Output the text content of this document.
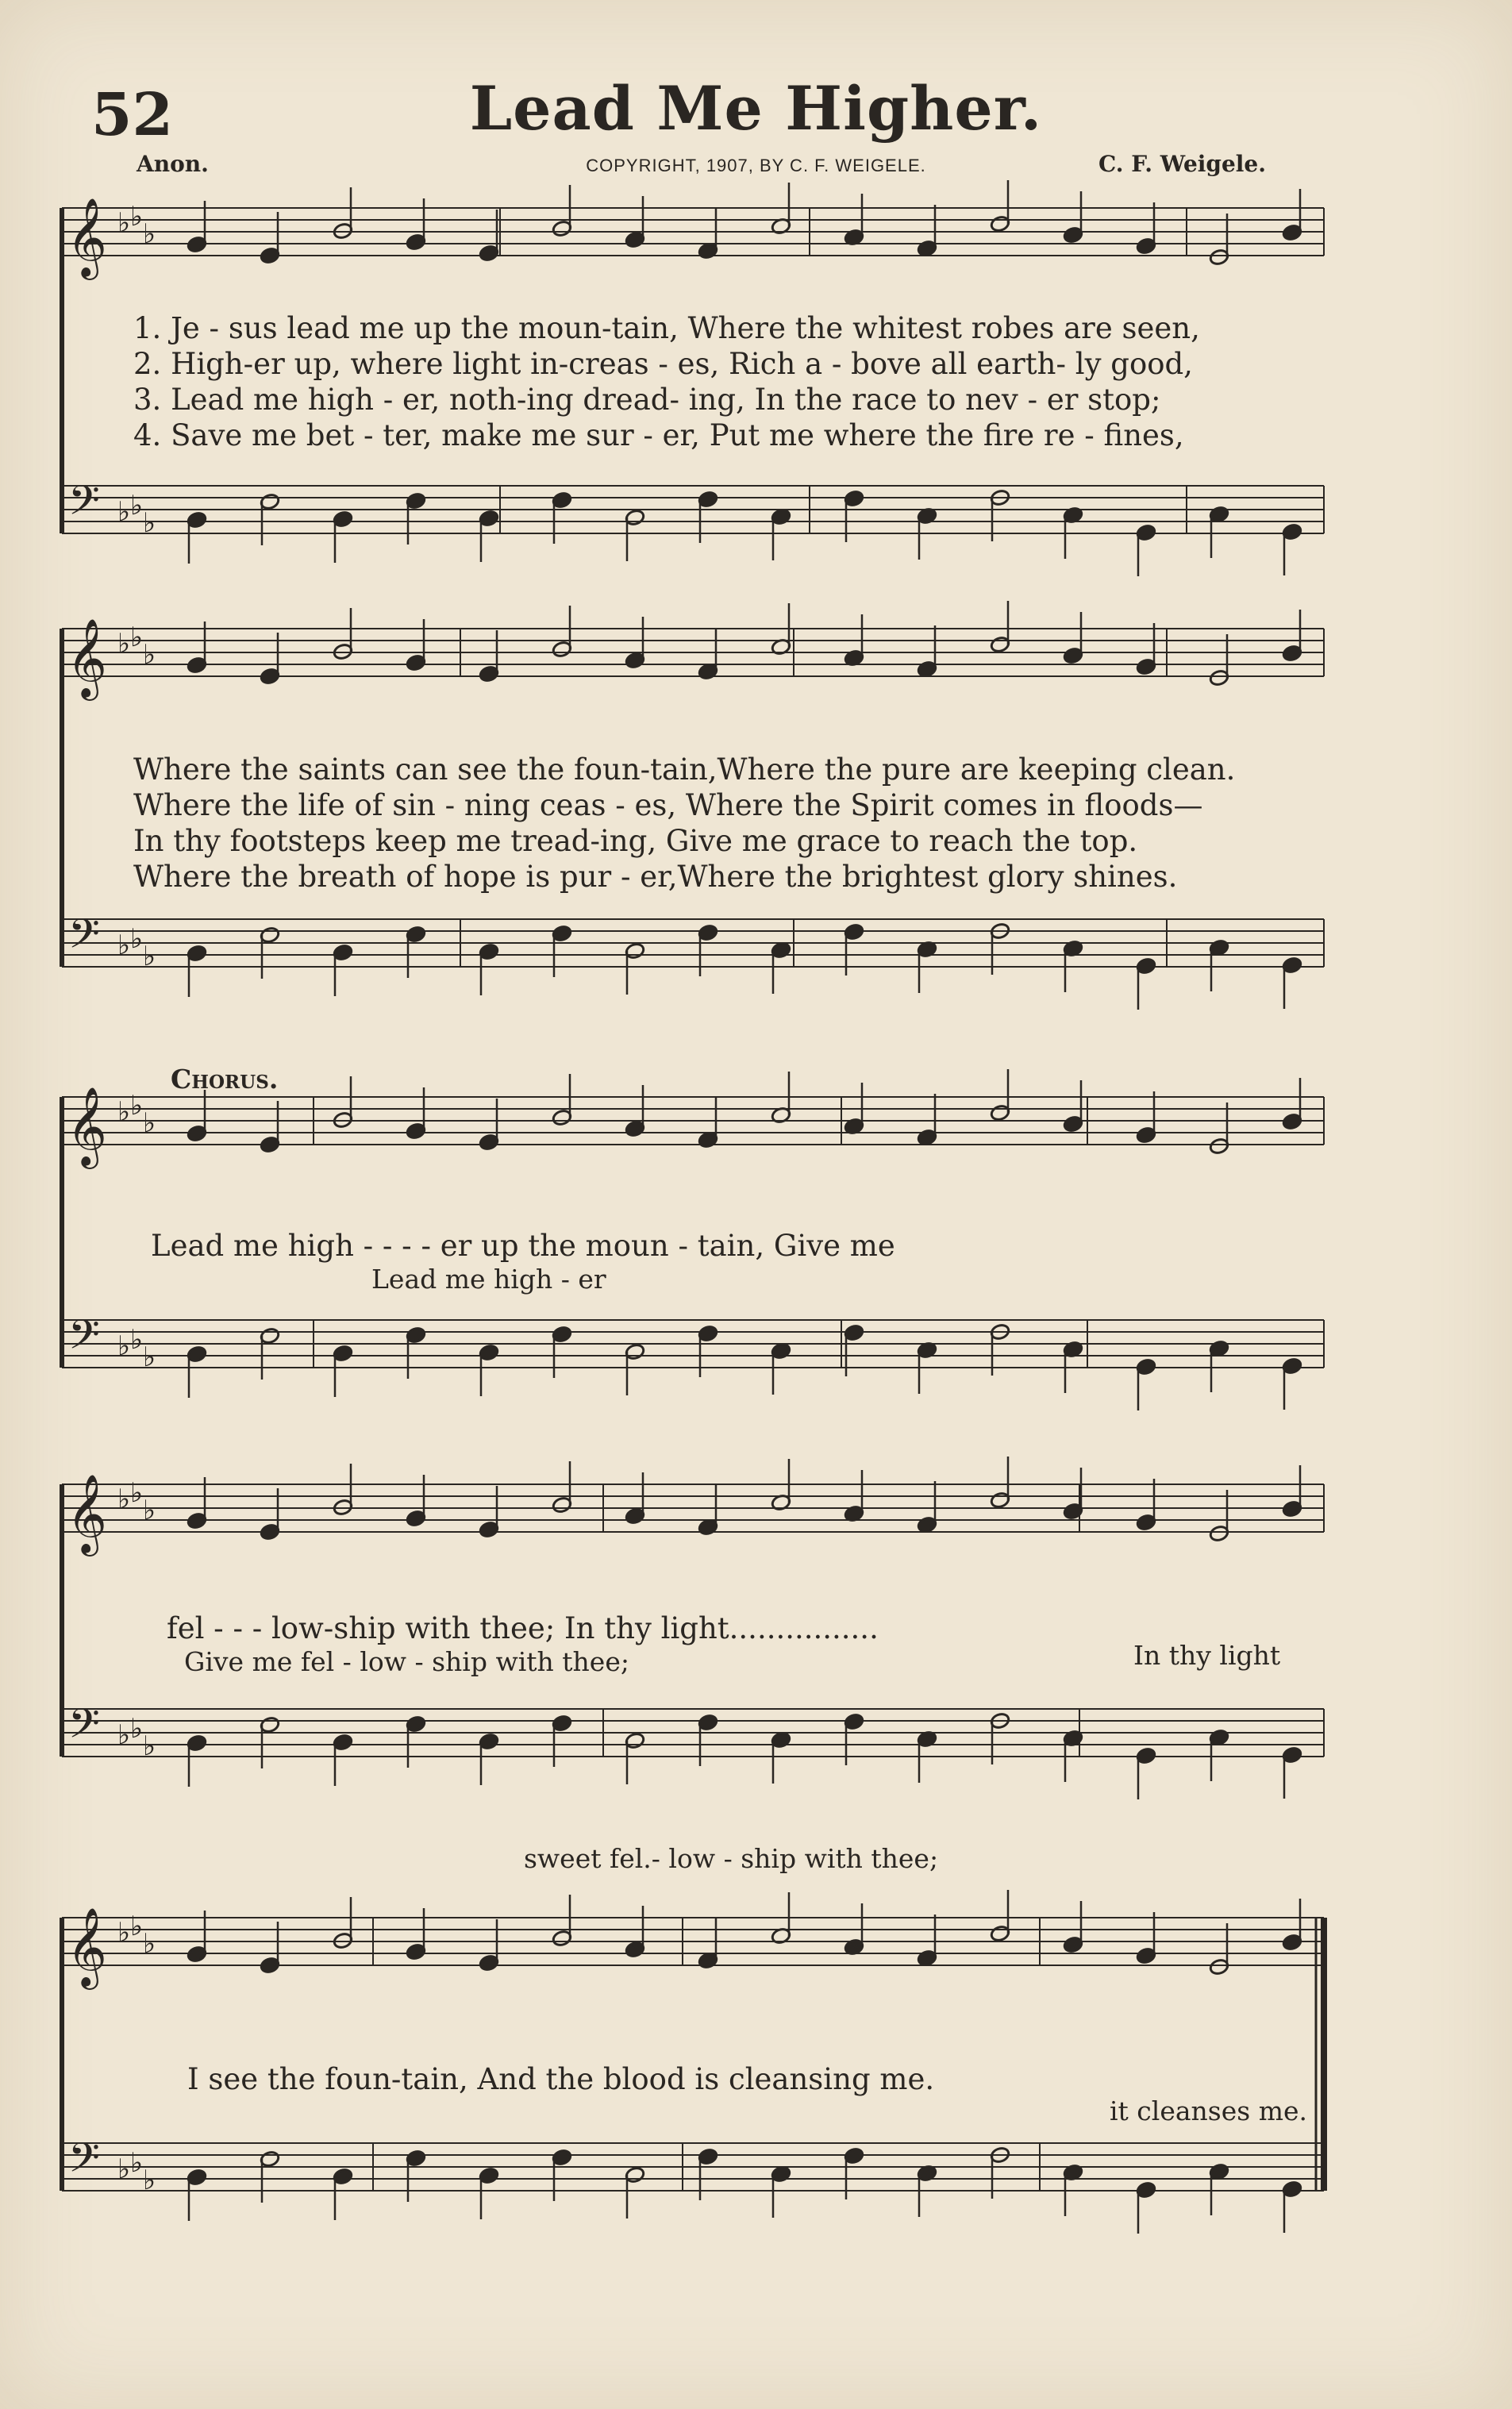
52	Lead Me Higher.
Anon.	COPYRIGHT, 1907, BY C. F. WEIGELE.	C. F. Weigele.
𝄞
𝄢
♭
♭
♭
♭
♭
♭
𝄞
𝄢
♭
♭
♭
♭
♭
♭
𝄞
𝄢
♭
♭
♭
♭
♭
♭
𝄞
𝄢
♭
♭
♭
♭
♭
♭
𝄞
𝄢
♭
♭
♭
♭
♭
♭
1. Je - sus lead me up the moun-tain, Where the whitest robes are seen,
2. High-er up, where light in-creas - es, Rich a - bove all earth- ly good,
3. Lead me high - er, noth-ing dread- ing, In the race to nev - er stop;
4. Save me bet - ter, make me sur - er, Put me where the fire re - fines,
Where the saints can see the foun-tain,Where the pure are keeping clean.
Where the life of sin - ning ceas - es, Where the Spirit comes in floods—
In thy footsteps keep me tread-ing, Give me grace to reach the top.
Where the breath of hope is pur - er,Where the brightest glory shines.
Chorus.
Lead me high - - - - er up the moun - tain, Give me
Lead me high - er
fel - - - low-ship with thee; In thy light................
Give me fel - low - ship with thee;	In thy light
sweet fel.- low - ship with thee;
I see the foun-tain, And the blood is cleansing me.
it cleanses me.
